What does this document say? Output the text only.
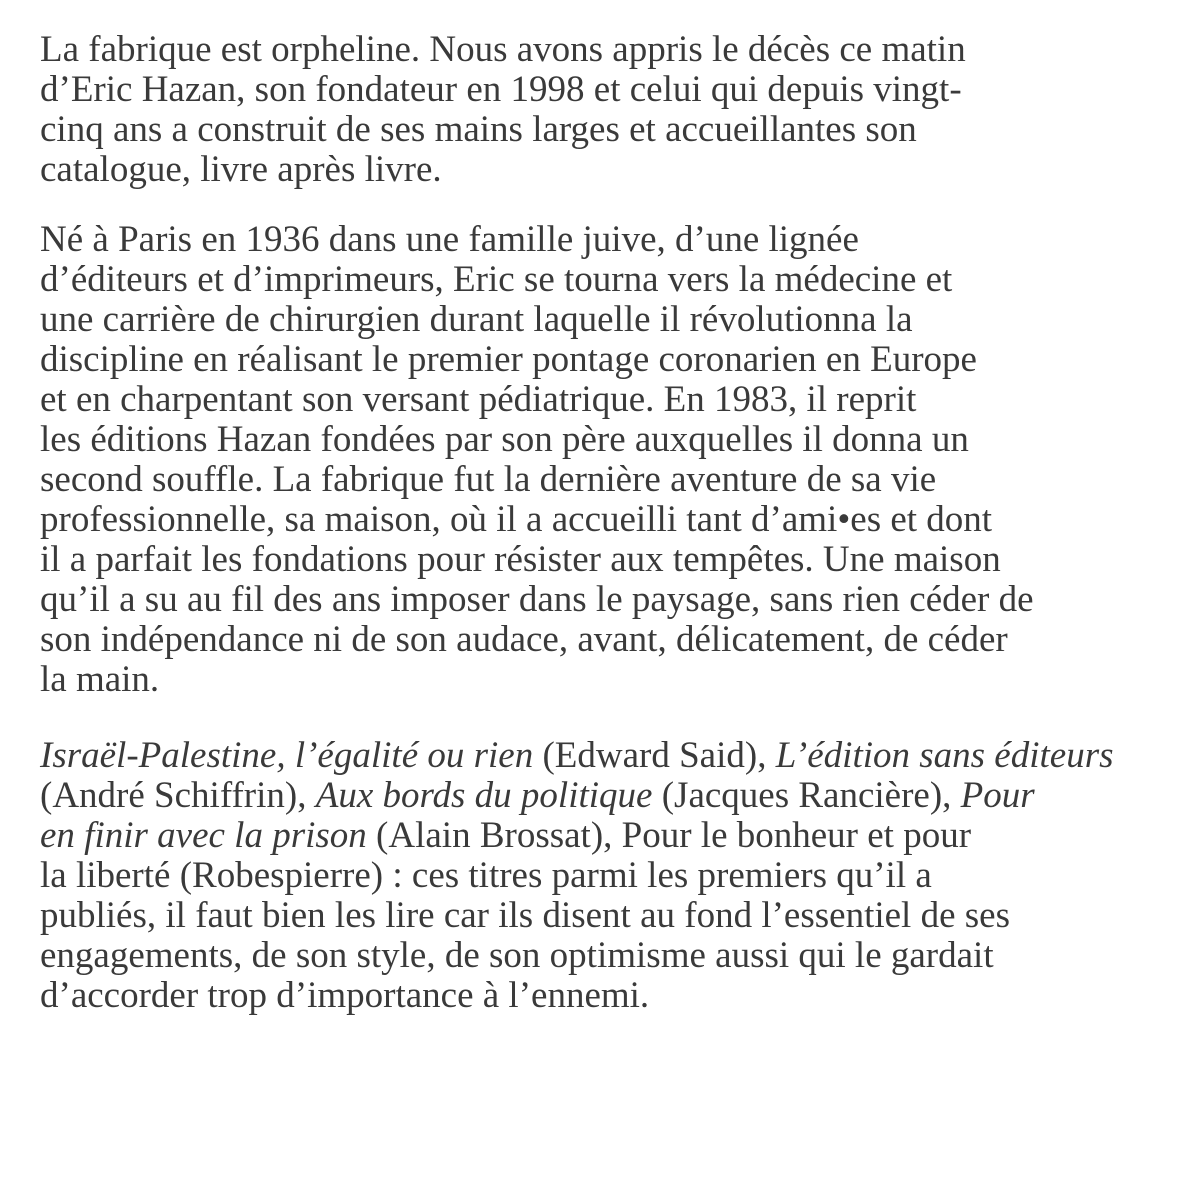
La fabrique est orpheline. Nous avons appris le décès ce matin
d’Eric Hazan, son fondateur en 1998 et celui qui depuis vingt-
cinq ans a construit de ses mains larges et accueillantes son
catalogue, livre après livre.
Né à Paris en 1936 dans une famille juive, d’une lignée
d’éditeurs et d’imprimeurs, Eric se tourna vers la médecine et
une carrière de chirurgien durant laquelle il révolutionna la
discipline en réalisant le premier pontage coronarien en Europe
et en charpentant son versant pédiatrique. En 1983, il reprit
les éditions Hazan fondées par son père auxquelles il donna un
second souffle. La fabrique fut la dernière aventure de sa vie
professionnelle, sa maison, où il a accueilli tant d’ami•es et dont
il a parfait les fondations pour résister aux tempêtes. Une maison
qu’il a su au fil des ans imposer dans le paysage, sans rien céder de
son indépendance ni de son audace, avant, délicatement, de céder
la main.
Israël-Palestine, l’égalité ou rien (Edward Said), L’édition sans éditeurs
(André Schiffrin), Aux bords du politique (Jacques Rancière), Pour
en finir avec la prison (Alain Brossat), Pour le bonheur et pour
la liberté (Robespierre) : ces titres parmi les premiers qu’il a
publiés, il faut bien les lire car ils disent au fond l’essentiel de ses
engagements, de son style, de son optimisme aussi qui le gardait
d’accorder trop d’importance à l’ennemi.
